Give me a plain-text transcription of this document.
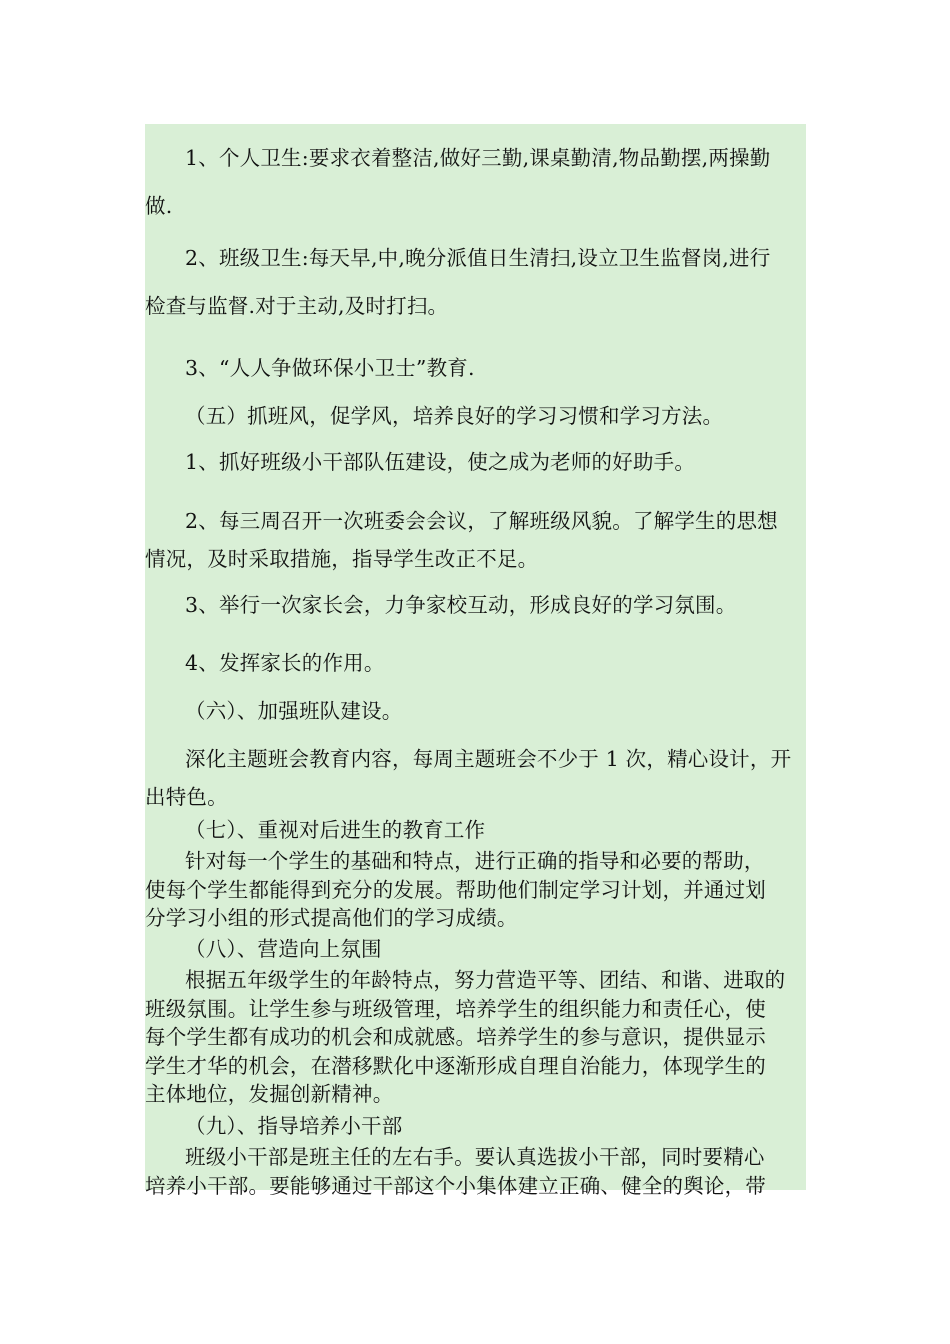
1、个人卫生:要求衣着整洁,做好三勤,课桌勤清,物品勤摆,两操勤
做.

2、班级卫生:每天早,中,晚分派值日生清扫,设立卫生监督岗,进行
检查与监督.对于主动,及时打扫。

3、“人人争做环保小卫士”教育.

（五）抓班风，促学风，培养良好的学习习惯和学习方法。

1、抓好班级小干部队伍建设，使之成为老师的好助手。

2、每三周召开一次班委会会议，了解班级风貌。了解学生的思想
情况，及时采取措施，指导学生改正不足。

3、举行一次家长会，力争家校互动，形成良好的学习氛围。

4、发挥家长的作用。

（六）、加强班队建设。

深化主题班会教育内容，每周主题班会不少于 1 次，精心设计，开
出特色。

（七）、重视对后进生的教育工作

针对每一个学生的基础和特点，进行正确的指导和必要的帮助，
使每个学生都能得到充分的发展。帮助他们制定学习计划，并通过划
分学习小组的形式提高他们的学习成绩。

（八）、营造向上氛围

根据五年级学生的年龄特点，努力营造平等、团结、和谐、进取的
班级氛围。让学生参与班级管理，培养学生的组织能力和责任心，使
每个学生都有成功的机会和成就感。培养学生的参与意识，提供显示
学生才华的机会，在潜移默化中逐渐形成自理自治能力，体现学生的
主体地位，发掘创新精神。

（九）、指导培养小干部

班级小干部是班主任的左右手。要认真选拔小干部，同时要精心
培养小干部。要能够通过干部这个小集体建立正确、健全的舆论，带
